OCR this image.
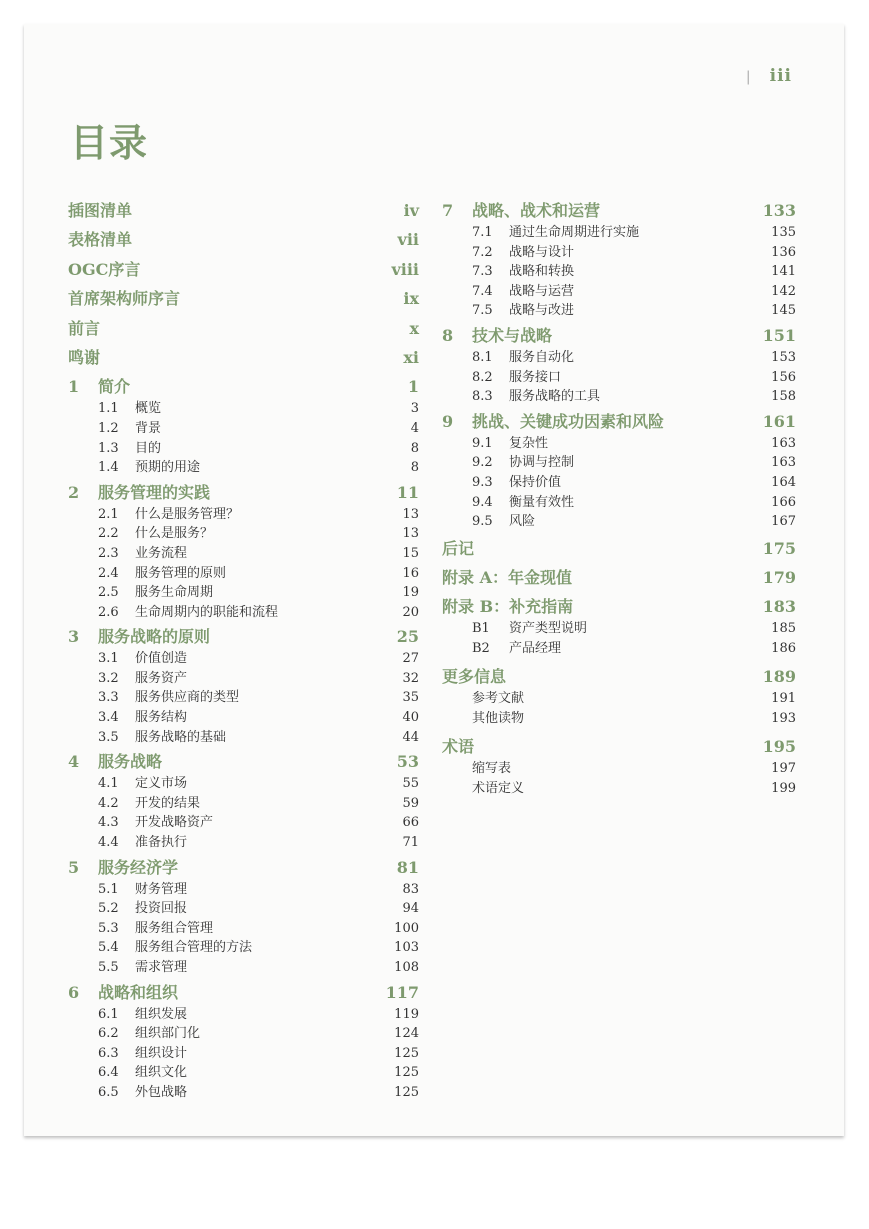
| iii
目录
插图清单	iv
表格清单	vii
OGC序言	viii
首席架构师序言	ix
前言	x
鸣谢	xi
1	简介	1
1.1	概览	3
1.2	背景	4
1.3	目的	8
1.4	预期的用途	8
2	服务管理的实践	11
2.1	什么是服务管理？	13
2.2	什么是服务？	13
2.3	业务流程	15
2.4	服务管理的原则	16
2.5	服务生命周期	19
2.6	生命周期内的职能和流程	20
3	服务战略的原则	25
3.1	价值创造	27
3.2	服务资产	32
3.3	服务供应商的类型	35
3.4	服务结构	40
3.5	服务战略的基础	44
4	服务战略	53
4.1	定义市场	55
4.2	开发的结果	59
4.3	开发战略资产	66
4.4	准备执行	71
5	服务经济学	81
5.1	财务管理	83
5.2	投资回报	94
5.3	服务组合管理	100
5.4	服务组合管理的方法	103
5.5	需求管理	108
6	战略和组织	117
6.1	组织发展	119
6.2	组织部门化	124
6.3	组织设计	125
6.4	组织文化	125
6.5	外包战略	125
7	战略、战术和运营	133
7.1	通过生命周期进行实施	135
7.2	战略与设计	136
7.3	战略和转换	141
7.4	战略与运营	142
7.5	战略与改进	145
8	技术与战略	151
8.1	服务自动化	153
8.2	服务接口	156
8.3	服务战略的工具	158
9	挑战、关键成功因素和风险	161
9.1	复杂性	163
9.2	协调与控制	163
9.3	保持价值	164
9.4	衡量有效性	166
9.5	风险	167
后记	175
附录 A：年金现值	179
附录 B：补充指南	183
B1	资产类型说明	185
B2	产品经理	186
更多信息	189
参考文献	191
其他读物	193
术语	195
缩写表	197
术语定义	199
